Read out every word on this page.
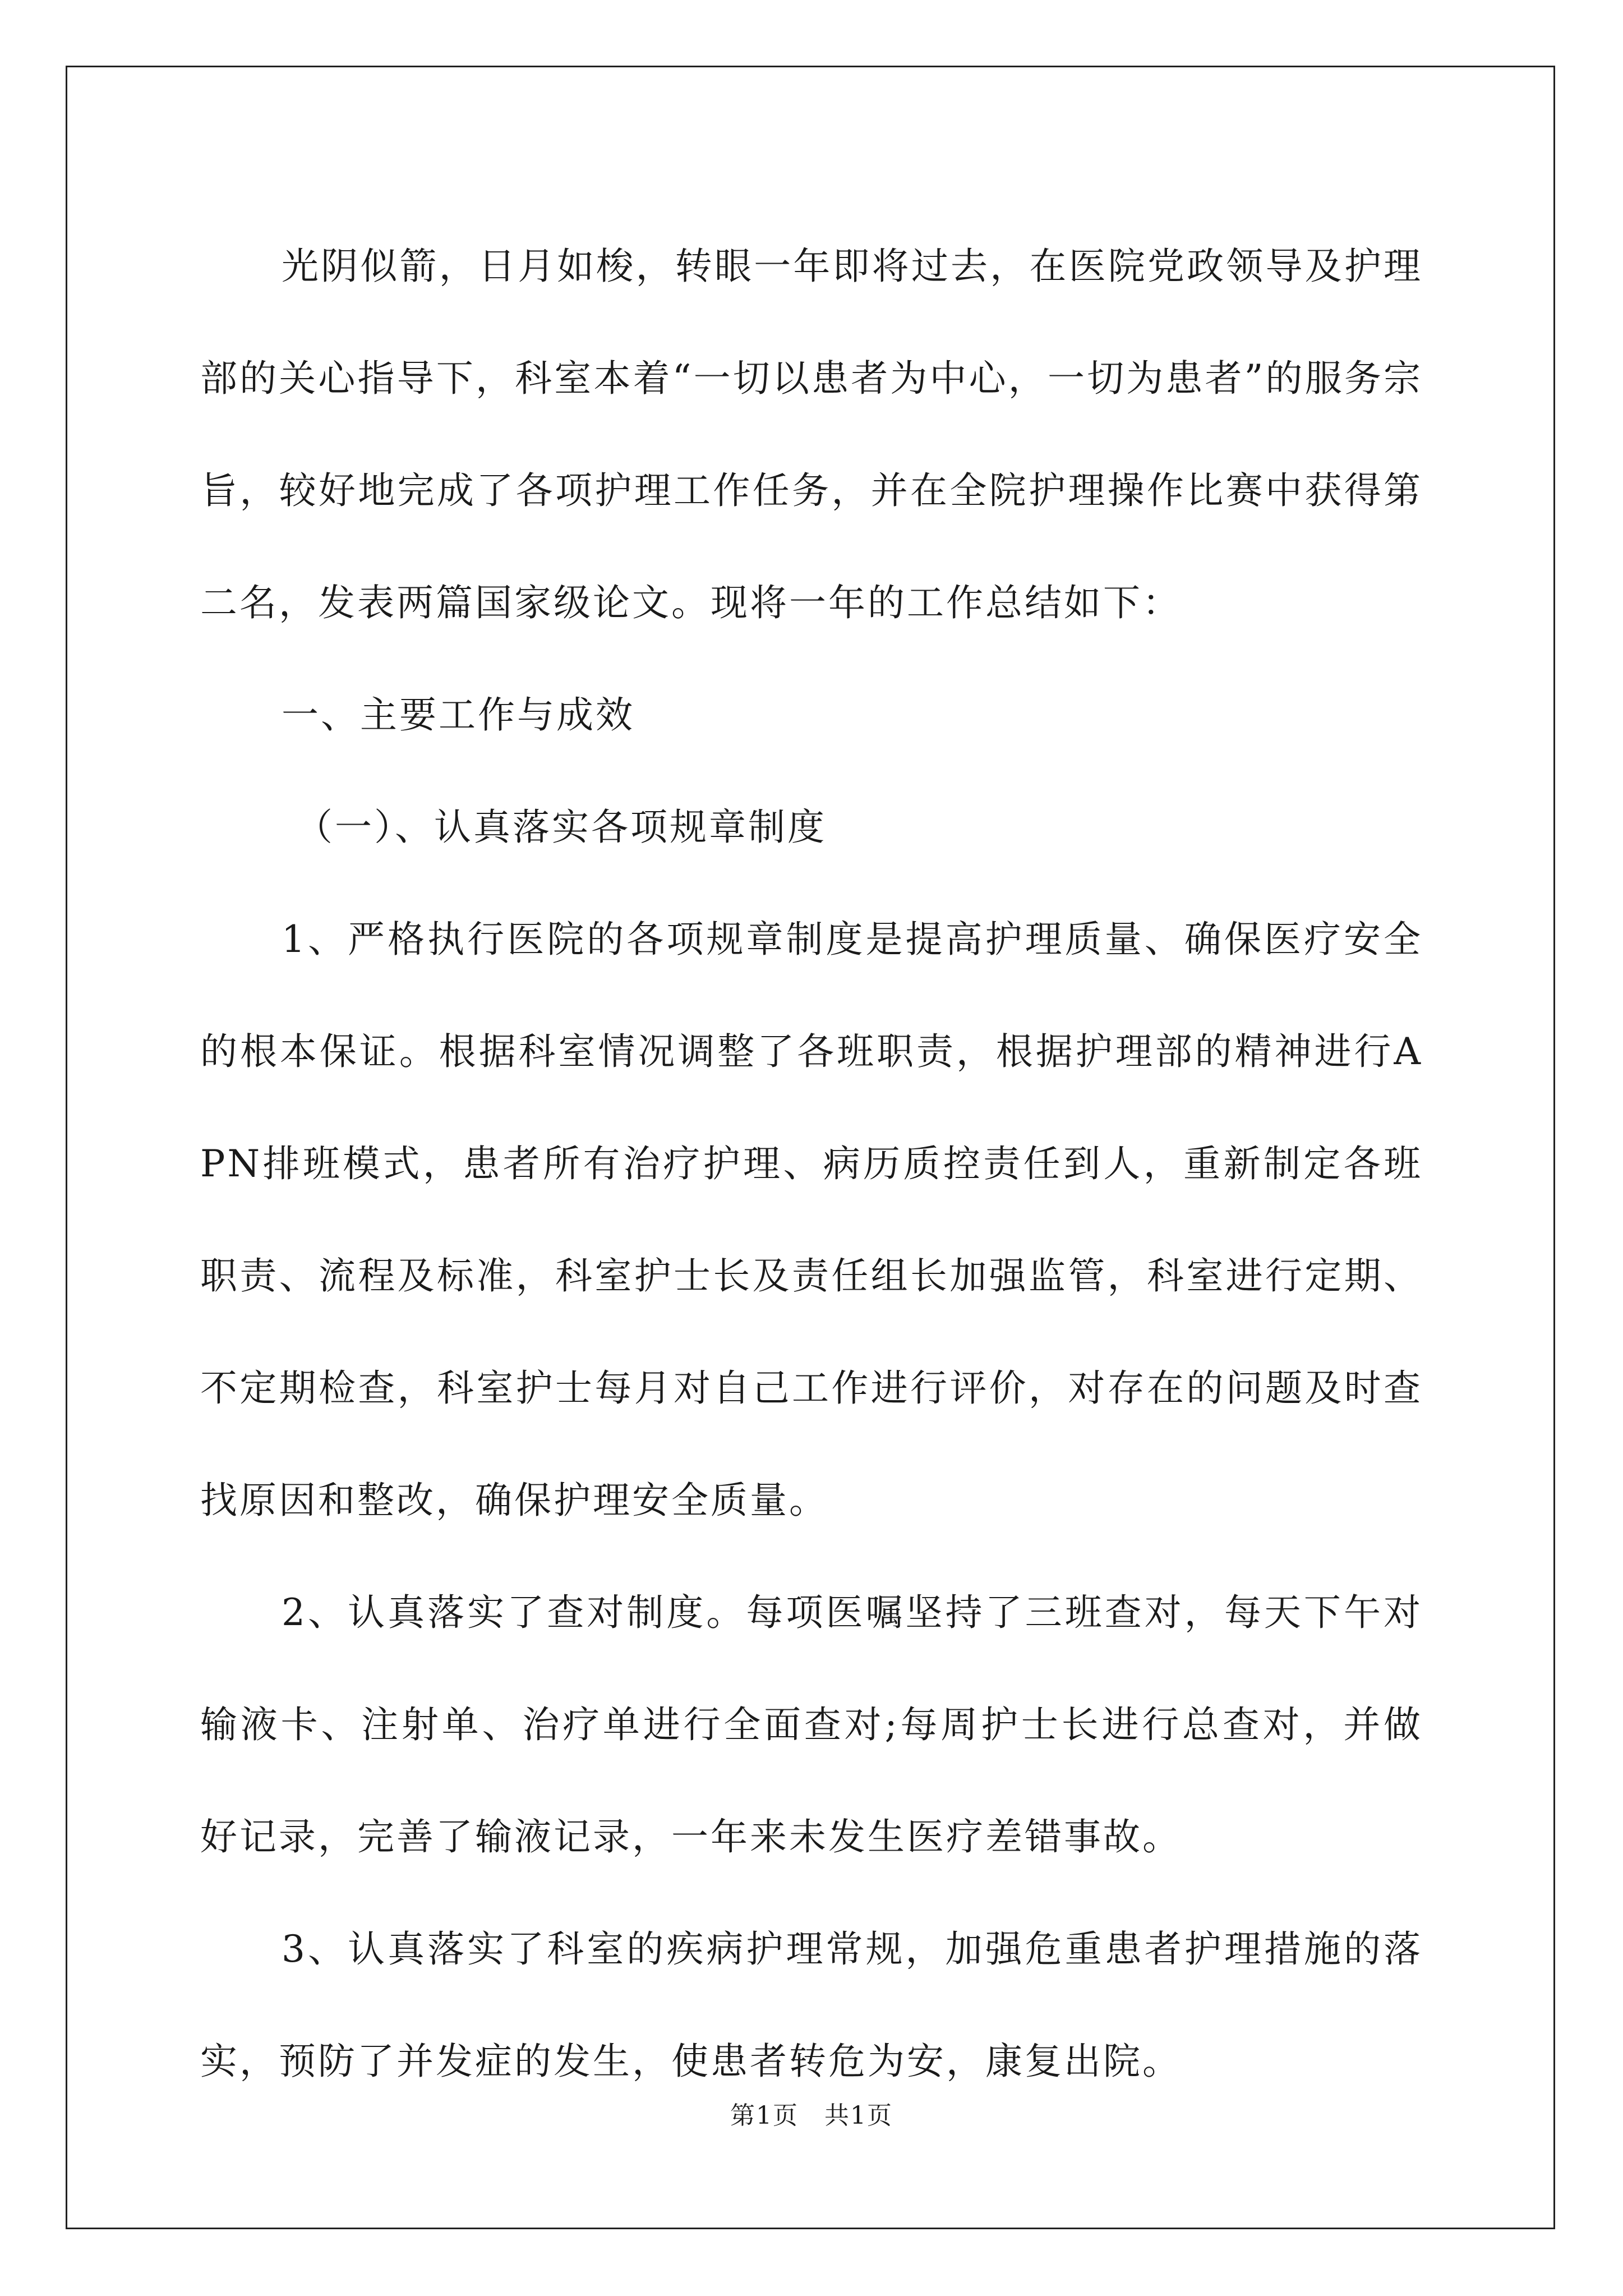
光阴似箭，日月如梭，转眼一年即将过去，在医院党政领导及护理部的关心指导下，科室本着“一切以患者为中心，一切为患者”的服务宗旨，较好地完成了各项护理工作任务，并在全院护理操作比赛中获得第二名，发表两篇国家级论文。现将一年的工作总结如下：

一、主要工作与成效

（一）、认真落实各项规章制度

1、严格执行医院的各项规章制度是提高护理质量、确保医疗安全的根本保证。根据科室情况调整了各班职责，根据护理部的精神进行APN排班模式，患者所有治疗护理、病历质控责任到人，重新制定各班职责、流程及标准，科室护士长及责任组长加强监管，科室进行定期、不定期检查，科室护士每月对自己工作进行评价，对存在的问题及时查找原因和整改，确保护理安全质量。

2、认真落实了查对制度。每项医嘱坚持了三班查对，每天下午对输液卡、注射单、治疗单进行全面查对;每周护士长进行总查对，并做好记录，完善了输液记录，一年来未发生医疗差错事故。

3、认真落实了科室的疾病护理常规，加强危重患者护理措施的落实，预防了并发症的发生，使患者转危为安，康复出院。

第1页　共1页
